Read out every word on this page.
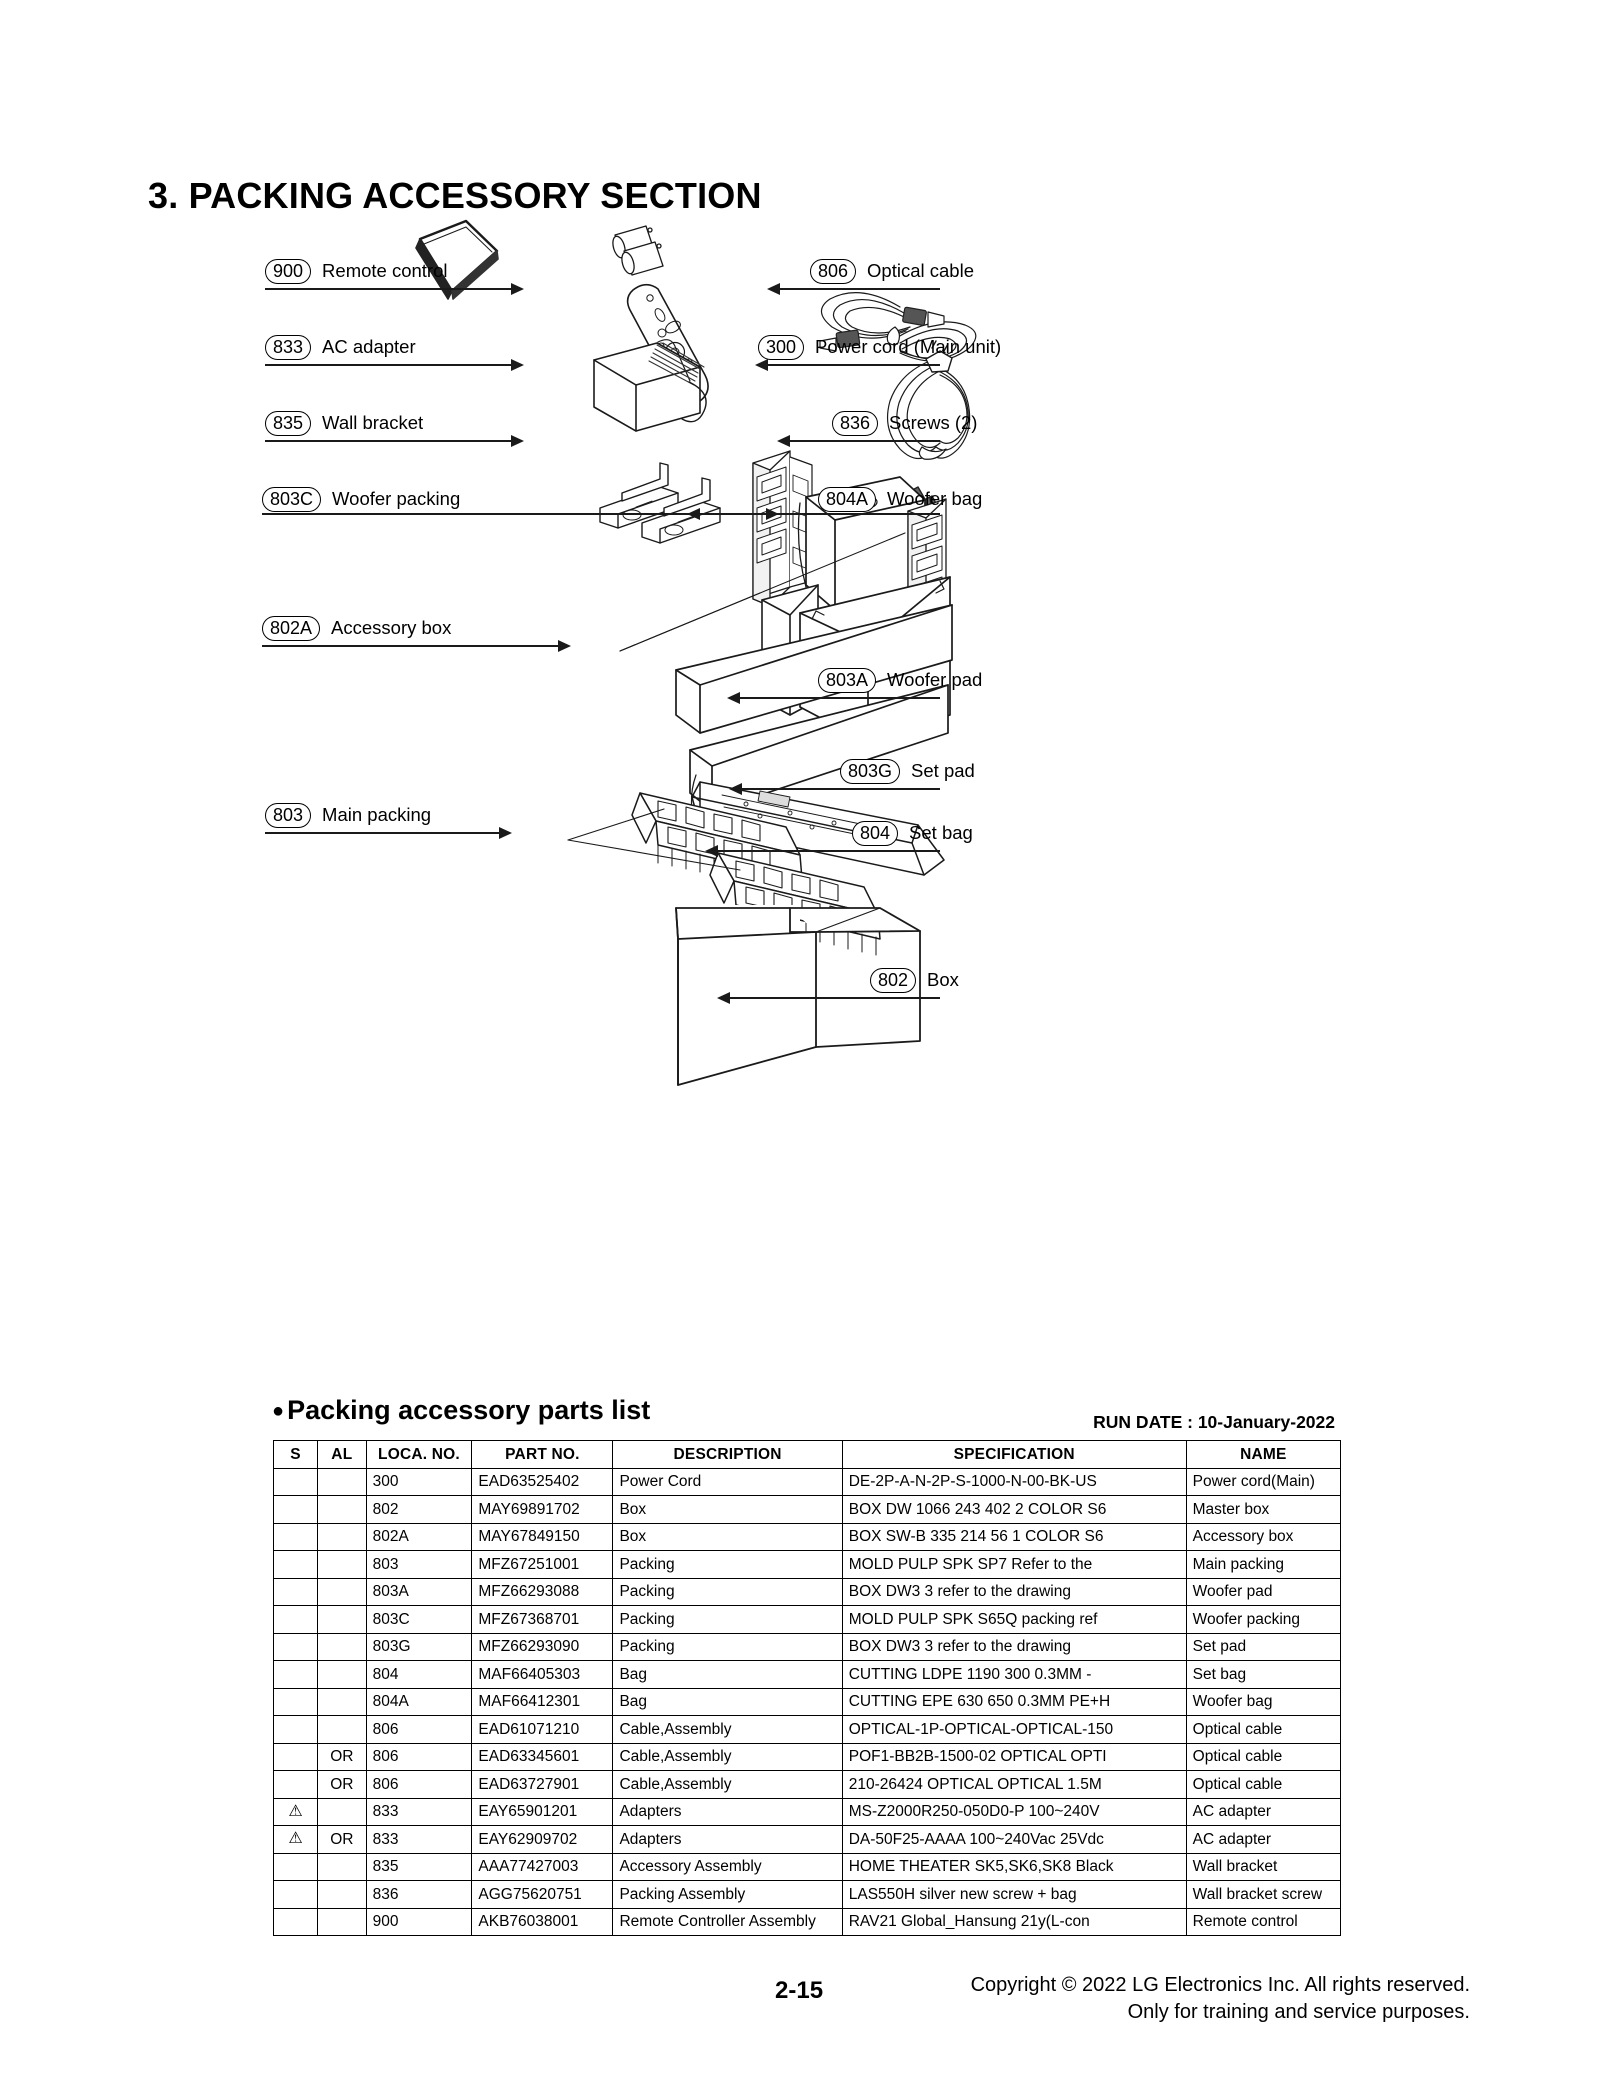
3. PACKING ACCESSORY SECTION
900	Remote control
833	AC adapter
835	Wall bracket
803C	Woofer packing
802A	Accessory box
803	Main packing
806	Optical cable
300	Power cord (Main unit)
836	Screws (2)
804A	Woofer bag
803A	Woofer pad
803G	Set pad
804	Set bag
802	Box
● Packing accessory parts list	RUN DATE : 10-January-2022
S	AL	LOCA. NO.	PART NO.	DESCRIPTION	SPECIFICATION	NAME
		300	EAD63525402	Power Cord	DE-2P-A-N-2P-S-1000-N-00-BK-US	Power cord(Main)
		802	MAY69891702	Box	BOX DW 1066 243 402 2 COLOR S6	Master box
		802A	MAY67849150	Box	BOX SW-B 335 214 56 1 COLOR S6	Accessory box
		803	MFZ67251001	Packing	MOLD PULP SPK SP7 Refer to the	Main packing
		803A	MFZ66293088	Packing	BOX DW3 3 refer to the drawing	Woofer pad
		803C	MFZ67368701	Packing	MOLD PULP SPK S65Q packing ref	Woofer packing
		803G	MFZ66293090	Packing	BOX DW3 3 refer to the drawing	Set pad
		804	MAF66405303	Bag	CUTTING LDPE 1190 300 0.3MM -	Set bag
		804A	MAF66412301	Bag	CUTTING EPE 630 650 0.3MM PE+H	Woofer bag
		806	EAD61071210	Cable,Assembly	OPTICAL-1P-OPTICAL-OPTICAL-150	Optical cable
	OR	806	EAD63345601	Cable,Assembly	POF1-BB2B-1500-02 OPTICAL OPTI	Optical cable
	OR	806	EAD63727901	Cable,Assembly	210-26424 OPTICAL OPTICAL 1.5M	Optical cable
⚠		833	EAY65901201	Adapters	MS-Z2000R250-050D0-P 100~240V	AC adapter
⚠	OR	833	EAY62909702	Adapters	DA-50F25-AAAA 100~240Vac 25Vdc	AC adapter
		835	AAA77427003	Accessory Assembly	HOME THEATER SK5,SK6,SK8 Black	Wall bracket
		836	AGG75620751	Packing Assembly	LAS550H silver new screw + bag	Wall bracket screw
		900	AKB76038001	Remote Controller Assembly	RAV21 Global_Hansung 21y(L-con	Remote control
2-15	Copyright © 2022 LG Electronics Inc. All rights reserved.
Only for training and service purposes.
